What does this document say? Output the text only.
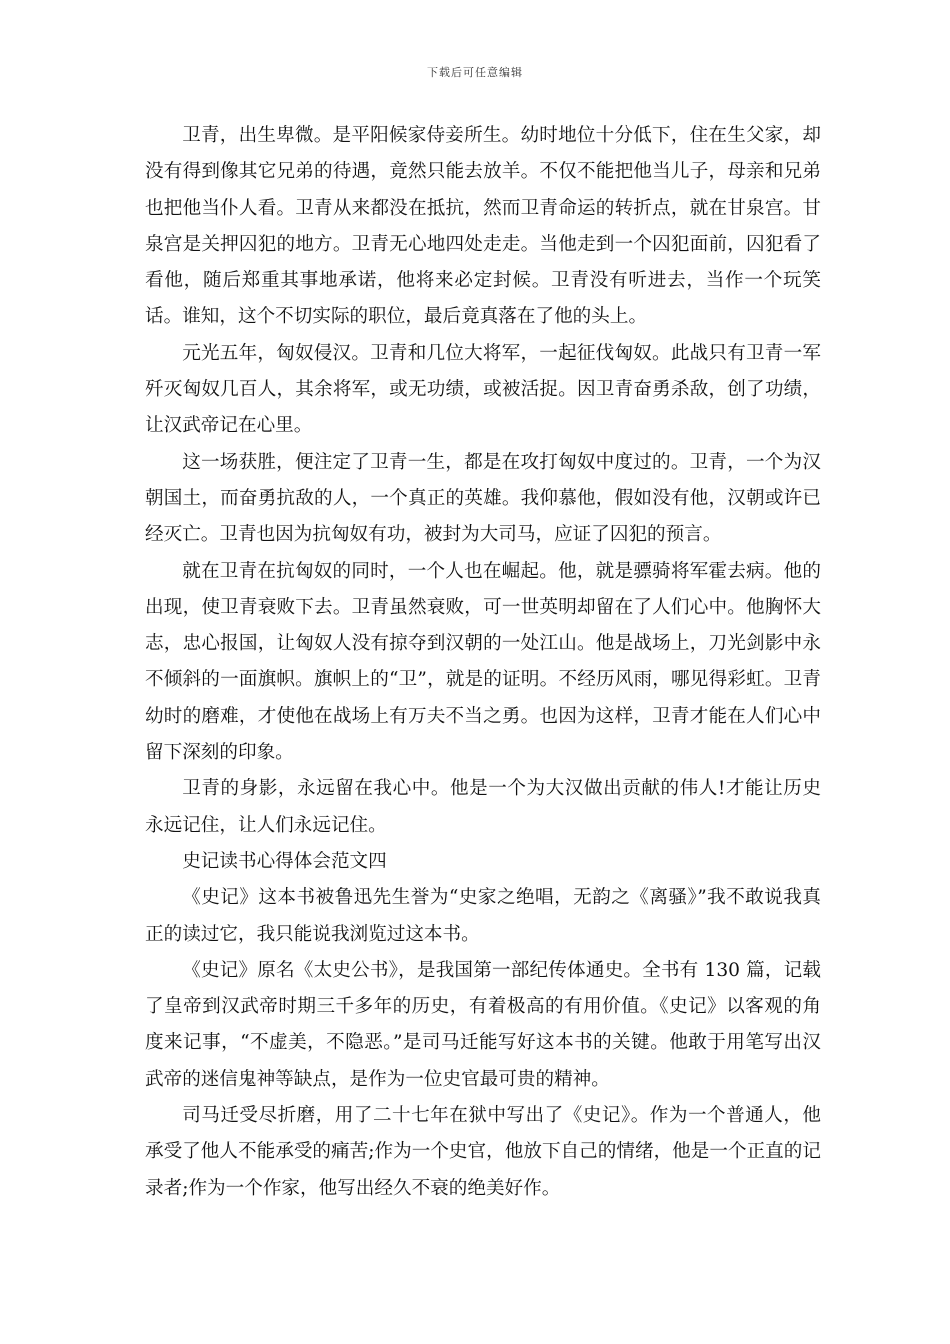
下载后可任意编辑

卫青，出生卑微。是平阳候家侍妾所生。幼时地位十分低下，住在生父家，却没有得到像其它兄弟的待遇，竟然只能去放羊。不仅不能把他当儿子，母亲和兄弟也把他当仆人看。卫青从来都没在抵抗，然而卫青命运的转折点，就在甘泉宫。甘泉宫是关押囚犯的地方。卫青无心地四处走走。当他走到一个囚犯面前，囚犯看了看他，随后郑重其事地承诺，他将来必定封候。卫青没有听进去，当作一个玩笑话。谁知，这个不切实际的职位，最后竟真落在了他的头上。

元光五年，匈奴侵汉。卫青和几位大将军，一起征伐匈奴。此战只有卫青一军歼灭匈奴几百人，其余将军，或无功绩，或被活捉。因卫青奋勇杀敌，创了功绩，让汉武帝记在心里。

这一场获胜，便注定了卫青一生，都是在攻打匈奴中度过的。卫青，一个为汉朝国土，而奋勇抗敌的人，一个真正的英雄。我仰慕他，假如没有他，汉朝或许已经灭亡。卫青也因为抗匈奴有功，被封为大司马，应证了囚犯的预言。

就在卫青在抗匈奴的同时，一个人也在崛起。他，就是骠骑将军霍去病。他的出现，使卫青衰败下去。卫青虽然衰败，可一世英明却留在了人们心中。他胸怀大志，忠心报国，让匈奴人没有掠夺到汉朝的一处江山。他是战场上，刀光剑影中永不倾斜的一面旗帜。旗帜上的“卫”，就是的证明。不经历风雨，哪见得彩虹。卫青幼时的磨难，才使他在战场上有万夫不当之勇。也因为这样，卫青才能在人们心中留下深刻的印象。

卫青的身影，永远留在我心中。他是一个为大汉做出贡献的伟人!才能让历史永远记住，让人们永远记住。

史记读书心得体会范文四

《史记》这本书被鲁迅先生誉为“史家之绝唱，无韵之《离骚》”我不敢说我真正的读过它，我只能说我浏览过这本书。

《史记》原名《太史公书》，是我国第一部纪传体通史。全书有 130 篇，记载了皇帝到汉武帝时期三千多年的历史，有着极高的有用价值。《史记》以客观的角度来记事，“不虚美，不隐恶。”是司马迁能写好这本书的关键。他敢于用笔写出汉武帝的迷信鬼神等缺点，是作为一位史官最可贵的精神。

司马迁受尽折磨，用了二十七年在狱中写出了《史记》。作为一个普通人，他承受了他人不能承受的痛苦;作为一个史官，他放下自己的情绪，他是一个正直的记录者;作为一个作家，他写出经久不衰的绝美好作。
